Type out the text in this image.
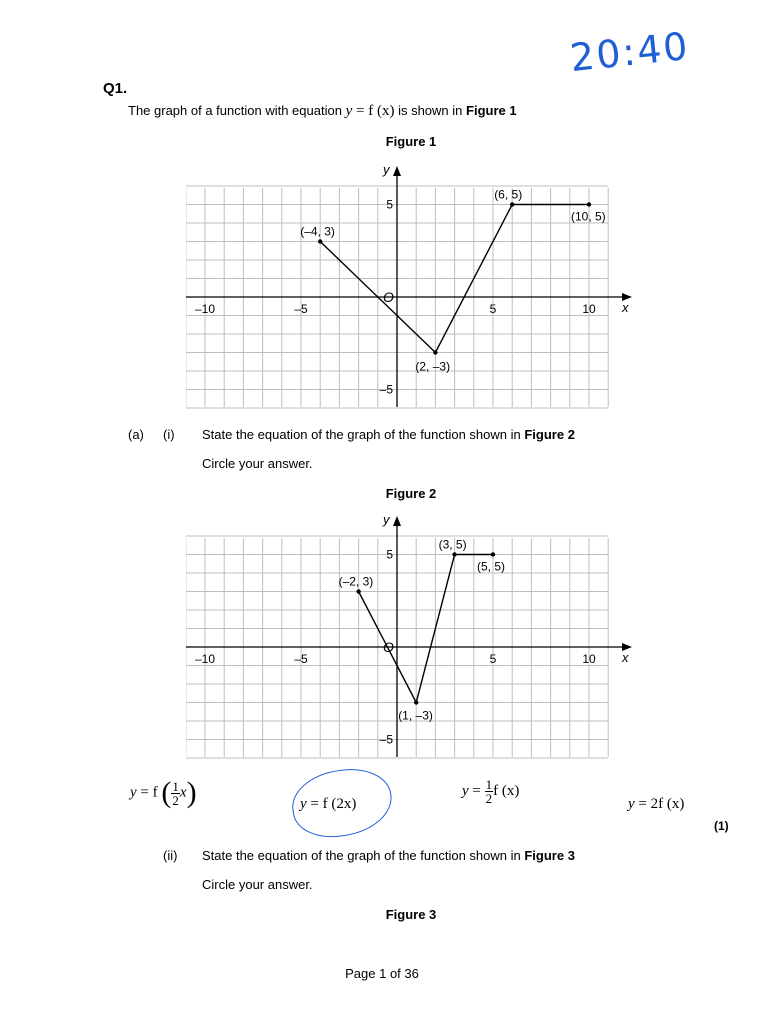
20:40
Q1.
The graph of a function with equation y = f (x) is shown in Figure 1
Figure 1
x
y
O
–10	–5	5	10
5
–5
(–4, 3)
(2, –3)
(6, 5)
(10, 5)
(a) (i) State the equation of the graph of the function shown in Figure 2
Circle your answer.
Figure 2
x
y
O
–10	–5	5	10
5
–5
(–2, 3)
(1, –3)
(3, 5)
(5, 5)
y = f ( $\frac{1}{2} x$)	y = f (2x)
$y = \frac{1}{2}$ f (x)
y = 2f (x)
(1)
(ii) State the equation of the graph of the function shown in Figure 3
Circle your answer.
Figure 3
Page 1 of 36
